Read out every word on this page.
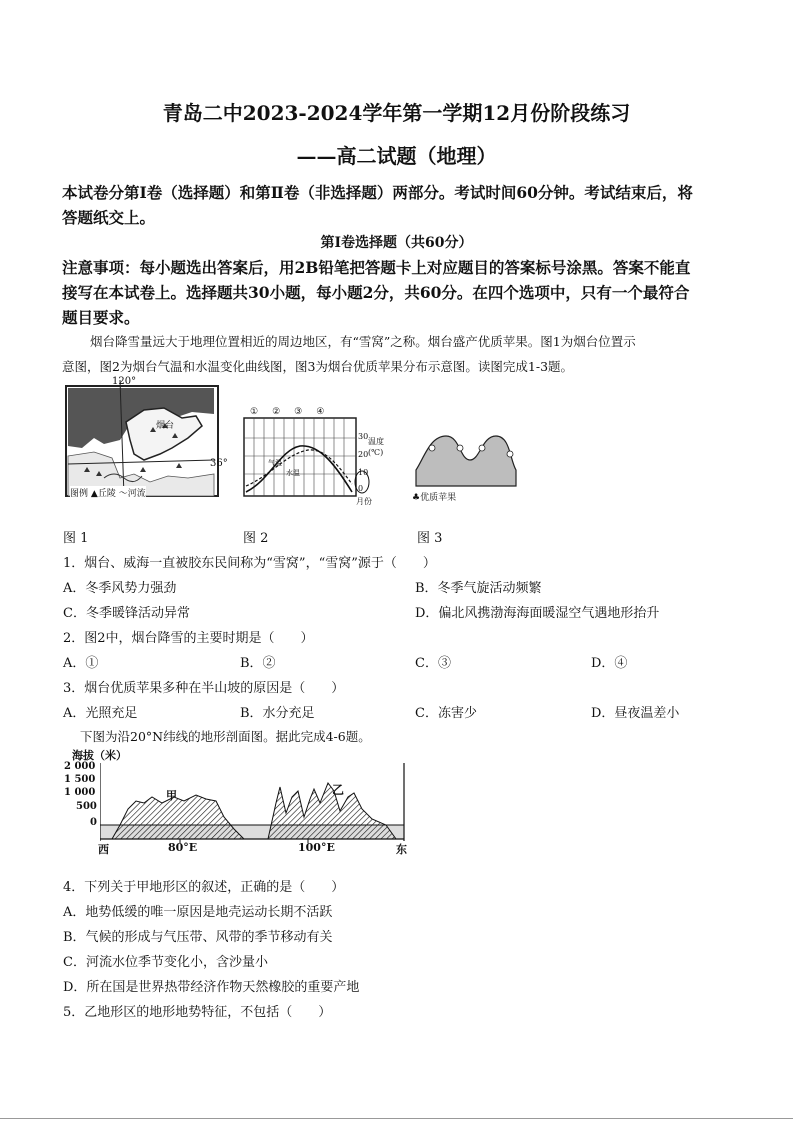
青岛二中2023-2024学年第一学期12月份阶段练习
——高二试题（地理）
本试卷分第Ⅰ卷（选择题）和第Ⅱ卷（非选择题）两部分。考试时间60分钟。考试结束后，将
答题纸交上。
第Ⅰ卷选择题（共60分）
注意事项：每小题选出答案后，用2B铅笔把答题卡上对应题目的答案标号涂黑。答案不能直
接写在本试卷上。选择题共30小题，每小题2分，共60分。在四个选项中，只有一个最符合
题目要求。
烟台降雪量远大于地理位置相近的周边地区，有“雪窝”之称。烟台盛产优质苹果。图1为烟台位置示
意图，图2为烟台气温和水温变化曲线图，图3为烟台优质苹果分布示意图。读图完成1-3题。
120°
36°
烟台
图例 ▲丘陵 〜河流
①②③④
温度
(℃)
30
20
10
0
月份
气温
水温
♣优质苹果
图 1	图 2	图 3
1．烟台、威海一直被胶东民间称为“雪窝”，“雪窝”源于（　　）
A．冬季风势力强劲	B．冬季气旋活动频繁
C．冬季暖锋活动异常	D．偏北风携渤海海面暖湿空气遇地形抬升
2．图2中，烟台降雪的主要时期是（　　）
A．①	B．②	C．③	D．④
3．烟台优质苹果多种在半山坡的原因是（　　）
A．光照充足	B．水分充足	C．冻害少	D．昼夜温差小
下图为沿20°N纬线的地形剖面图。据此完成4-6题。
海拔（米）
2 000
1 500
1 000
500
0
甲	乙
西	80°E	100°E	东
4．下列关于甲地形区的叙述，正确的是（　　）
A．地势低缓的唯一原因是地壳运动长期不活跃
B．气候的形成与气压带、风带的季节移动有关
C．河流水位季节变化小，含沙量小
D．所在国是世界热带经济作物天然橡胶的重要产地
5．乙地形区的地形地势特征，不包括（　　）
